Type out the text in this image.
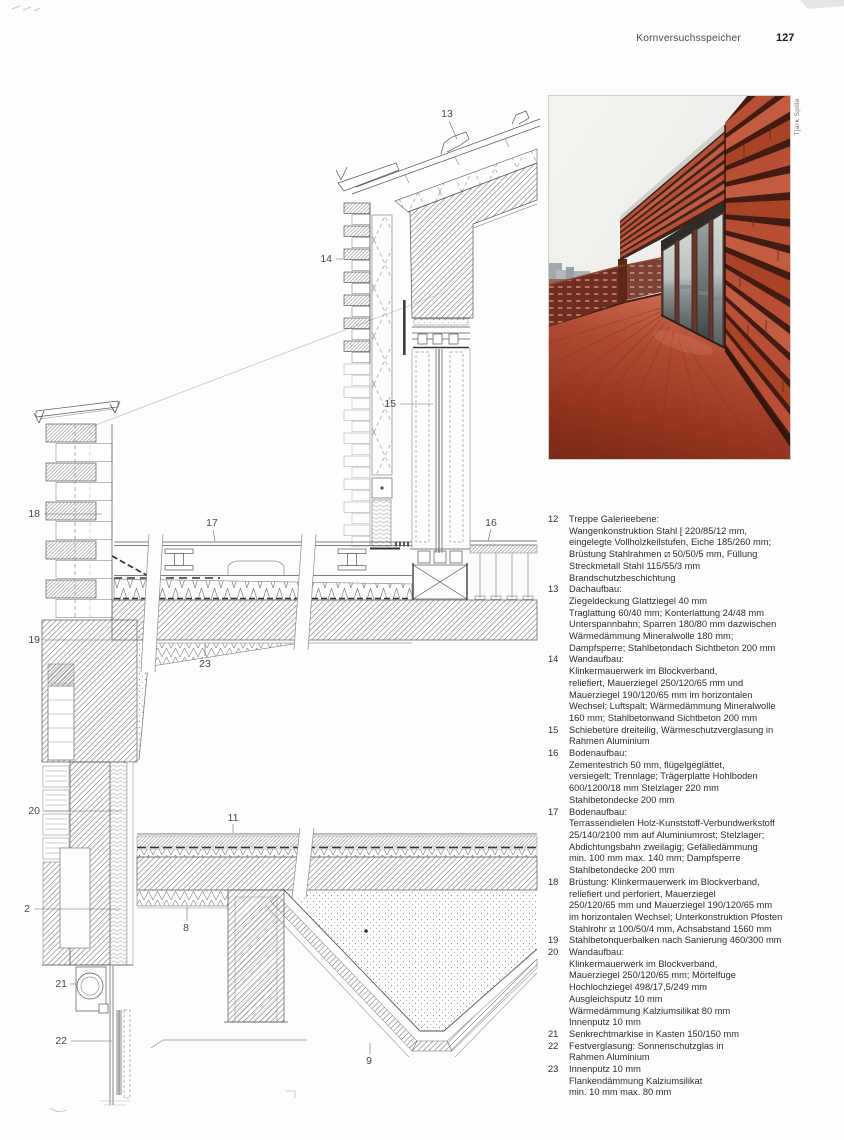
Kornversuchsspeicher	127
13
14
15
16
17
18
19
23
20
11
2
8
21
22
9
Tjark Spille
12	Treppe Galerieebene:
Wangenkonstruktion Stahl [ 220/85/12 mm,
eingelegte Vollholzkeilstufen, Eiche 185/260 mm;
Brüstung Stahlrahmen ⧄ 50/50/5 mm, Füllung
Streckmetall Stahl 115/55/3 mm
Brandschutzbeschichtung
13	Dachaufbau:
Ziegeldeckung Glattziegel 40 mm
Traglattung 60/40 mm; Konterlattung 24/48 mm
Unterspannbahn; Sparren 180/80 mm dazwischen
Wärmedämmung Mineralwolle 180 mm;
Dampfsperre; Stahlbetondach Sichtbeton 200 mm
14	Wandaufbau:
Klinkermauerwerk im Blockverband,
reliefiert, Mauerziegel 250/120/65 mm und
Mauerziegel 190/120/65 mm im horizontalen
Wechsel; Luftspalt; Wärmedämmung Mineralwolle
160 mm; Stahlbetonwand Sichtbeton 200 mm
15	Schiebetüre dreiteilig, Wärmeschutzverglasung in
Rahmen Aluminium
16	Bodenaufbau:
Zementestrich 50 mm, flügelgeglättet,
versiegelt; Trennlage; Trägerplatte Hohlboden
600/1200/18 mm Stelzlager 220 mm
Stahlbetondecke 200 mm
17	Bodenaufbau:
Terrassendielen Holz-Kunststoff-Verbundwerkstoff
25/140/2100 mm auf Aluminiumrost; Stelzlager;
Abdichtungsbahn zweilagig; Gefälledämmung
min. 100 mm max. 140 mm; Dampfsperre
Stahlbetondecke 200 mm
18	Brüstung: Klinkermauerwerk im Blockverband,
reliefiert und perforiert, Mauerziegel
250/120/65 mm und Mauerziegel 190/120/65 mm
im horizontalen Wechsel; Unterkonstruktion Pfosten
Stahlrohr ⧄ 100/50/4 mm, Achsabstand 1560 mm
19	Stahlbetonquerbalken nach Sanierung 460/300 mm
20	Wandaufbau:
Klinkermauerwerk im Blockverband,
Mauerziegel 250/120/65 mm; Mörtelfuge
Hochlochziegel 498/17,5/249 mm
Ausgleichsputz 10 mm
Wärmedämmung Kalziumsilikat 80 mm
Innenputz 10 mm
21	Senkrechtmarkise in Kasten 150/150 mm
22	Festverglasung: Sonnenschutzglas in
Rahmen Aluminium
23	Innenputz 10 mm
Flankendämmung Kalziumsilikat
min. 10 mm max. 80 mm
